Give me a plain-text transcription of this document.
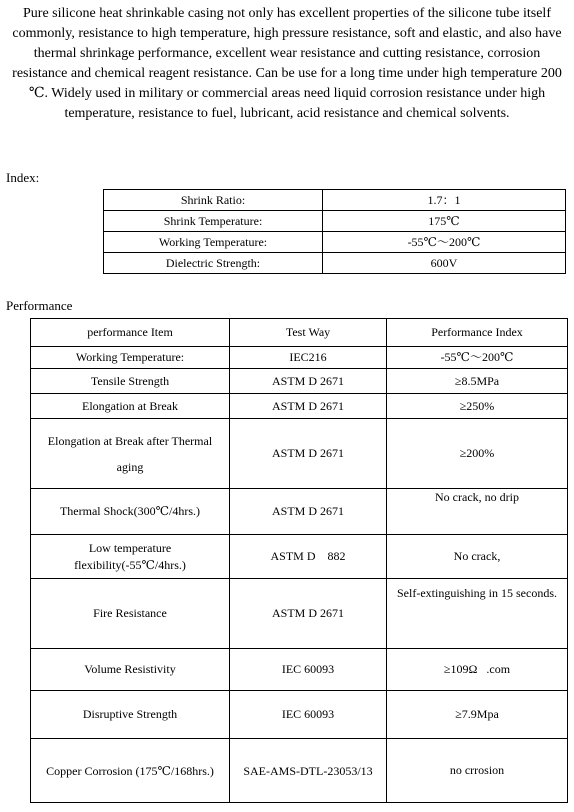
Pure silicone heat shrinkable casing not only has excellent properties of the silicone tube itself commonly, resistance to high temperature, high pressure resistance, soft and elastic, and also have thermal shrinkage performance, excellent wear resistance and cutting resistance, corrosion resistance and chemical reagent resistance. Can be use for a long time under high temperature 200 ℃. Widely used in military or commercial areas need liquid corrosion resistance under high temperature, resistance to fuel, lubricant, acid resistance and chemical solvents.
Index:
Shrink Ratio:	1.7：1
Shrink Temperature:	175℃
Working Temperature:	-55℃～200℃
Dielectric Strength:	600V
Performance
performance Item	Test Way	Performance Index
Working Temperature:	IEC216	-55℃～200℃
Tensile Strength	ASTM D 2671	≥8.5MPa
Elongation at Break	ASTM D 2671	≥250%
Elongation at Break after Thermal aging	ASTM D 2671	≥200%
Thermal Shock(300℃/4hrs.)	ASTM D 2671	No crack, no drip
Low temperature flexibility(-55℃/4hrs.)	ASTM D    882	No crack,
Fire Resistance	ASTM D 2671	Self-extinguishing in 15 seconds.
Volume Resistivity	IEC 60093	≥109Ω   .com
Disruptive Strength	IEC 60093	≥7.9Mpa
Copper Corrosion (175℃/168hrs.)	SAE-AMS-DTL-23053/13	no crrosion
